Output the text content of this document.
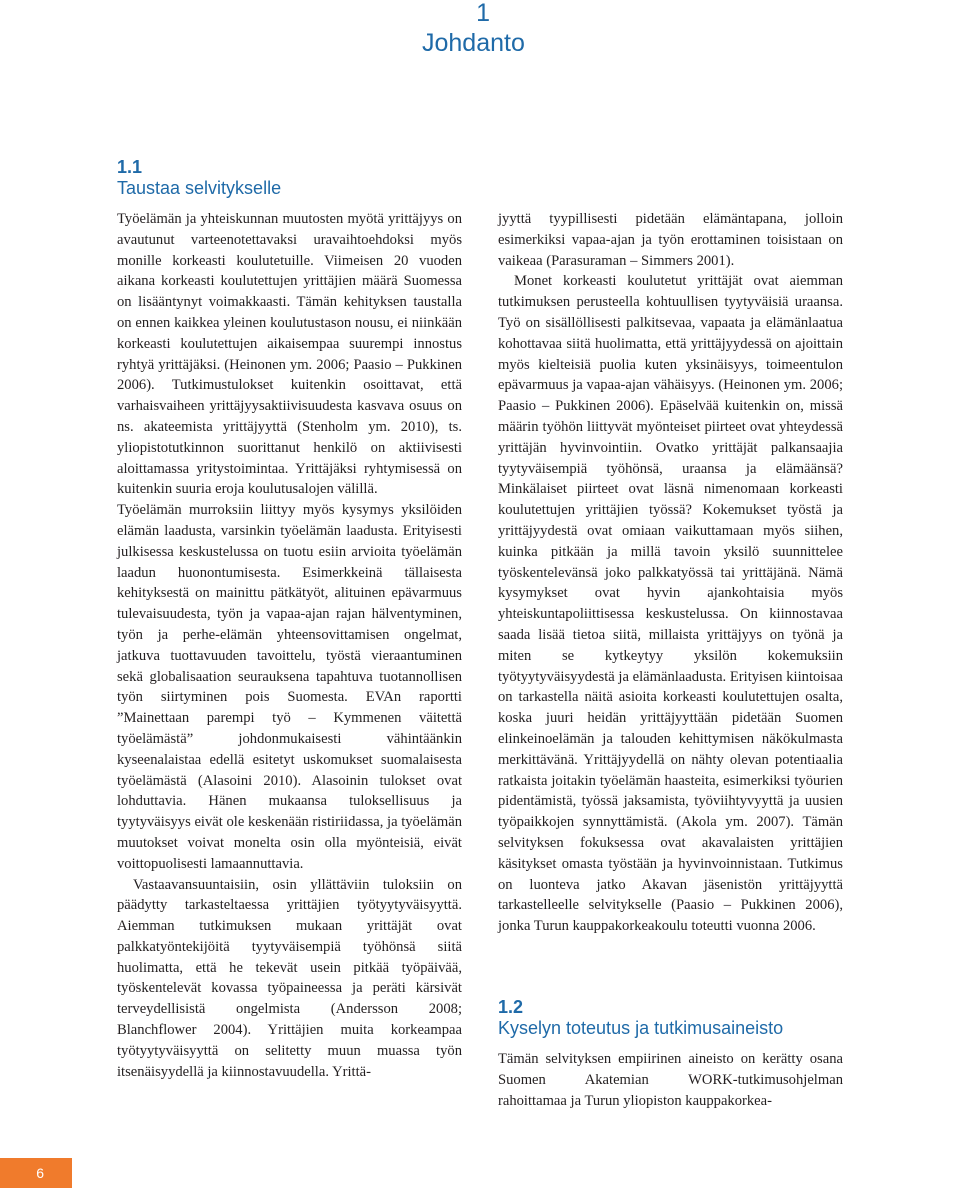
1
Johdanto

1.1

Taustaa selvitykselle

Työelämän ja yhteiskunnan muutosten myötä yrittäjyys on avautunut varteenotettavaksi uravaihtoehdoksi myös monille korkeasti koulutetuille. Viimeisen 20 vuoden aikana korkeasti koulutettujen yrittäjien määrä Suomessa on lisääntynyt voimakkaasti. Tämän kehityksen taustalla on ennen kaikkea yleinen koulutustason nousu, ei niinkään korkeasti koulutettujen aikaisempaa suurempi innostus ryhtyä yrittäjäksi. (Heinonen ym. 2006; Paasio – Pukkinen 2006). Tutkimustulokset kuitenkin osoittavat, että varhaisvaiheen yrittäjyysaktiivisuudesta kasvava osuus on ns. akateemista yrittäjyyttä (Stenholm ym. 2010), ts. yliopistotutkinnon suorittanut henkilö on aktiivisesti aloittamassa yritystoimintaa. Yrittäjäksi ryhtymisessä on kuitenkin suuria eroja koulutusalojen välillä.

Työelämän murroksiin liittyy myös kysymys yksilöiden elämän laadusta, varsinkin työelämän laadusta. Erityisesti julkisessa keskustelussa on tuotu esiin arvioita työelämän laadun huonontumisesta. Esimerkkeinä tällaisesta kehityksestä on mainittu pätkätyöt, alituinen epävarmuus tulevaisuudesta, työn ja vapaa-ajan rajan hälventyminen, työn ja perhe-elämän yhteensovittamisen ongelmat, jatkuva tuottavuuden tavoittelu, työstä vieraantuminen sekä globalisaation seurauksena tapahtuva tuotannollisen työn siirtyminen pois Suomesta. EVAn raportti ”Mainettaan parempi työ – Kymmenen väitettä työelämästä” johdonmukaisesti vähintäänkin kyseenalaistaa edellä esitetyt uskomukset suomalaisesta työelämästä (Alasoini 2010). Alasoinin tulokset ovat lohduttavia. Hänen mukaansa tuloksellisuus ja tyytyväisyys eivät ole keskenään ristiriidassa, ja työelämän muutokset voivat monelta osin olla myönteisiä, eivät voittopuolisesti lamaannuttavia.

Vastaavansuuntaisiin, osin yllättäviin tuloksiin on päädytty tarkasteltaessa yrittäjien työtyytyväisyyttä. Aiemman tutkimuksen mukaan yrittäjät ovat palkkatyöntekijöitä tyytyväisempiä työhönsä siitä huolimatta, että he tekevät usein pitkää työpäivää, työskentelevät kovassa työpaineessa ja peräti kärsivät terveydellisistä ongelmista (Andersson 2008; Blanchflower 2004). Yrittäjien muita korkeampaa työtyytyväisyyttä on selitetty muun muassa työn itsenäisyydellä ja kiinnostavuudella. Yrittä-

jyyttä tyypillisesti pidetään elämäntapana, jolloin esimerkiksi vapaa-ajan ja työn erottaminen toisistaan on vaikeaa (Parasuraman – Simmers 2001).

Monet korkeasti koulutetut yrittäjät ovat aiemman tutkimuksen perusteella kohtuullisen tyytyväisiä uraansa. Työ on sisällöllisesti palkitsevaa, vapaata ja elämänlaatua kohottavaa siitä huolimatta, että yrittäjyydessä on ajoittain myös kielteisiä puolia kuten yksinäisyys, toimeentulon epävarmuus ja vapaa-ajan vähäisyys. (Heinonen ym. 2006; Paasio – Pukkinen 2006). Epäselvää kuitenkin on, missä määrin työhön liittyvät myönteiset piirteet ovat yhteydessä yrittäjän hyvinvointiin. Ovatko yrittäjät palkansaajia tyytyväisempiä työhönsä, uraansa ja elämäänsä? Minkälaiset piirteet ovat läsnä nimenomaan korkeasti koulutettujen yrittäjien työssä? Kokemukset työstä ja yrittäjyydestä ovat omiaan vaikuttamaan myös siihen, kuinka pitkään ja millä tavoin yksilö suunnittelee työskentelevänsä joko palkkatyössä tai yrittäjänä. Nämä kysymykset ovat hyvin ajankohtaisia myös yhteiskuntapoliittisessa keskustelussa. On kiinnostavaa saada lisää tietoa siitä, millaista yrittäjyys on työnä ja miten se kytkeytyy yksilön kokemuksiin työtyytyväisyydestä ja elämänlaadusta. Erityisen kiintoisaa on tarkastella näitä asioita korkeasti koulutettujen osalta, koska juuri heidän yrittäjyyttään pidetään Suomen elinkeinoelämän ja talouden kehittymisen näkökulmasta merkittävänä. Yrittäjyydellä on nähty olevan potentiaalia ratkaista joitakin työelämän haasteita, esimerkiksi työurien pidentämistä, työssä jaksamista, työviihtyvyyttä ja uusien työpaikkojen synnyttämistä. (Akola ym. 2007). Tämän selvityksen fokuksessa ovat akavalaisten yrittäjien käsitykset omasta työstään ja hyvinvoinnistaan. Tutkimus on luonteva jatko Akavan jäsenistön yrittäjyyttä tarkastelleelle selvitykselle (Paasio – Pukkinen 2006), jonka Turun kauppakorkeakoulu toteutti vuonna 2006.

1.2

Kyselyn toteutus ja tutkimusaineisto

Tämän selvityksen empiirinen aineisto on kerätty osana Suomen Akatemian WORK-tutkimusohjelman rahoittamaa ja Turun yliopiston kauppakorkea-

6
